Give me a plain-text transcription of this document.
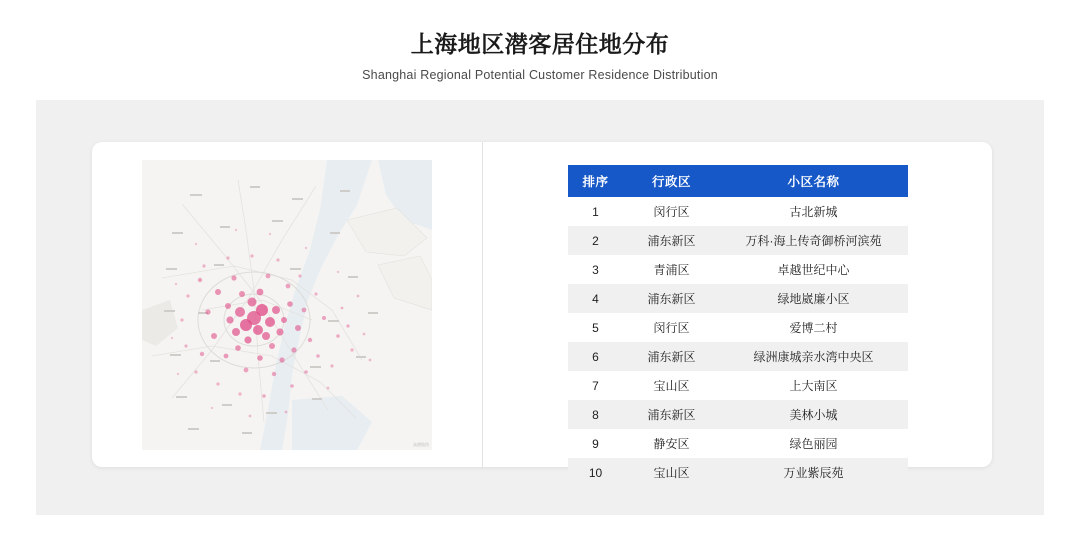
上海地区潜客居住地分布

Shanghai Regional Potential Customer Residence Distribution

高德地图
排序	行政区	小区名称
1	闵行区	古北新城
2	浦东新区	万科·海上传奇御桥河滨苑
3	青浦区	卓越世纪中心
4	浦东新区	绿地崴廉小区
5	闵行区	爱博二村
6	浦东新区	绿洲康城亲水湾中央区
7	宝山区	上大南区
8	浦东新区	美林小城
9	静安区	绿色丽园
10	宝山区	万业紫辰苑
